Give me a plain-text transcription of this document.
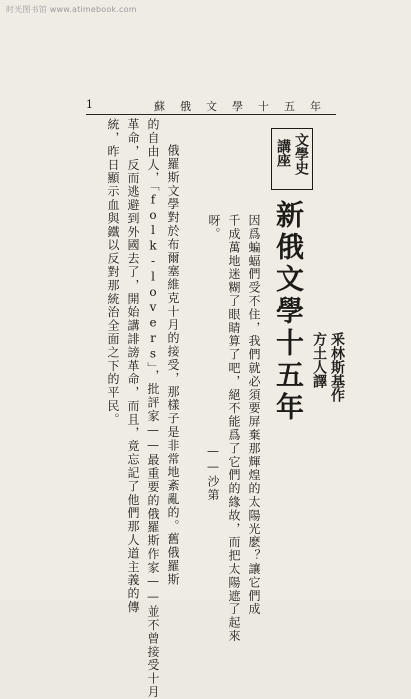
时光图书馆 www.atimebook.com
1	蘇俄文學十五年
文學史
講座
新俄文學十五年 釆林斯基作
方土人譯
因爲蝙蝠們受不住，我們就必須要屏棄那輝煌的太陽光麽？讓它們成
千成萬地迷糊了眼睛算了吧，絕不能爲了它們的緣故，而把太陽遮了起來
呀。
——沙第
俄羅斯文學對於布爾塞維克十月的接受，那樣子是非常地紊亂的。舊俄羅斯
的自由人，「folk-lovers」，批評家——最重要的俄羅斯作家——並不曾接受十月
革命，反而逃避到外國去了，開始講誹謗革命，而且，竟忘記了他們那人道主義的傳
統，昨日顯示血與鐵以反對那統治全面之下的平民。
